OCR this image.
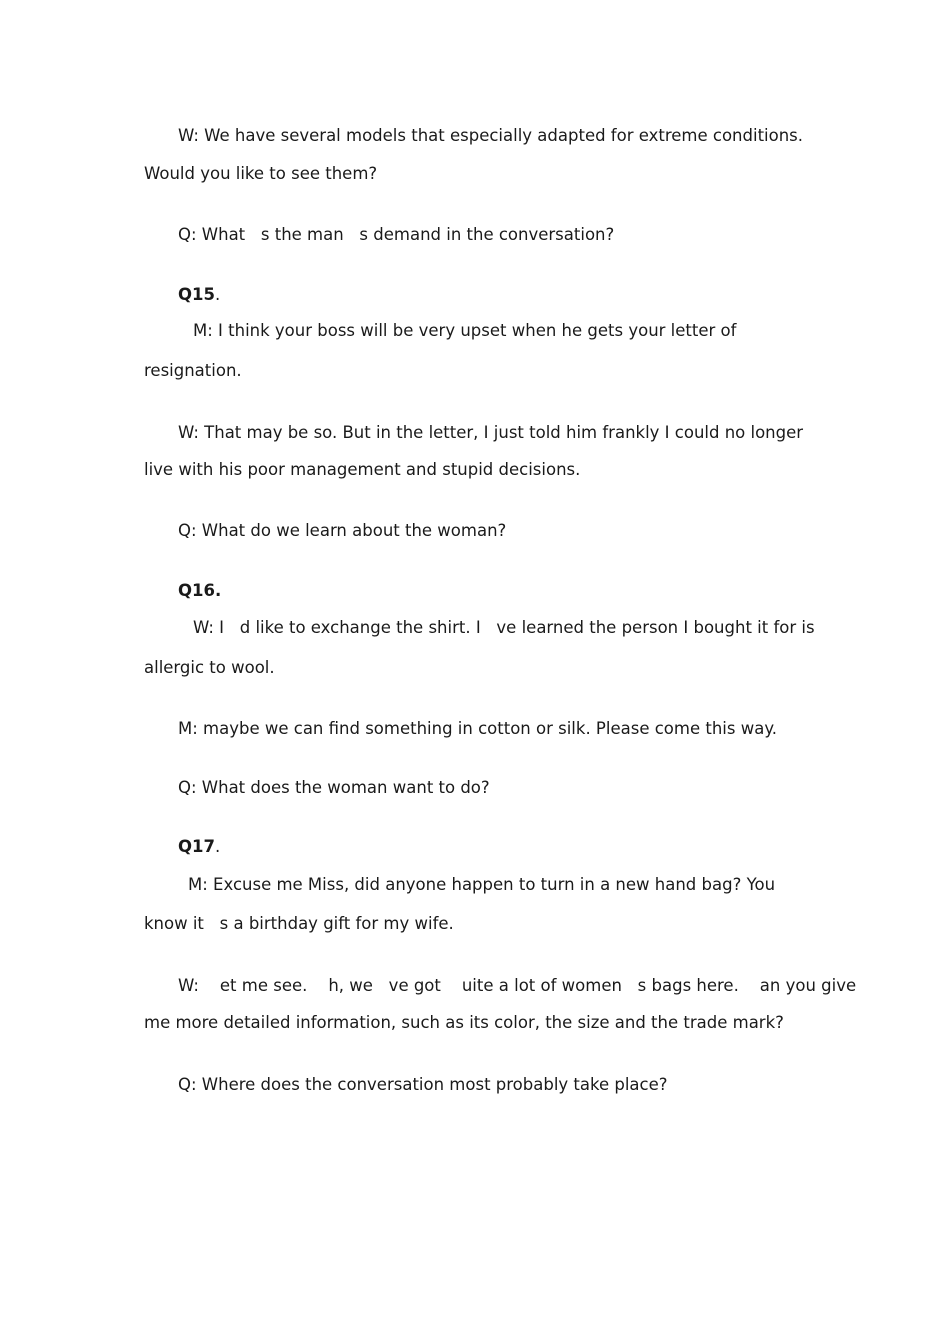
W: We have several models that especially adapted for extreme conditions.

Would you like to see them?

Q: What   s the man   s demand in the conversation?

Q15.

M: I think your boss will be very upset when he gets your letter of

resignation.

W: That may be so. But in the letter, I just told him frankly I could no longer

live with his poor management and stupid decisions.

Q: What do we learn about the woman?

Q16.

W: I   d like to exchange the shirt. I   ve learned the person I bought it for is

allergic to wool.

M: maybe we can find something in cotton or silk. Please come this way.

Q: What does the woman want to do?

Q17.

M: Excuse me Miss, did anyone happen to turn in a new hand bag? You

know it   s a birthday gift for my wife.

W:    et me see.    h, we   ve got    uite a lot of women   s bags here.    an you give

me more detailed information, such as its color, the size and the trade mark?

Q: Where does the conversation most probably take place?
